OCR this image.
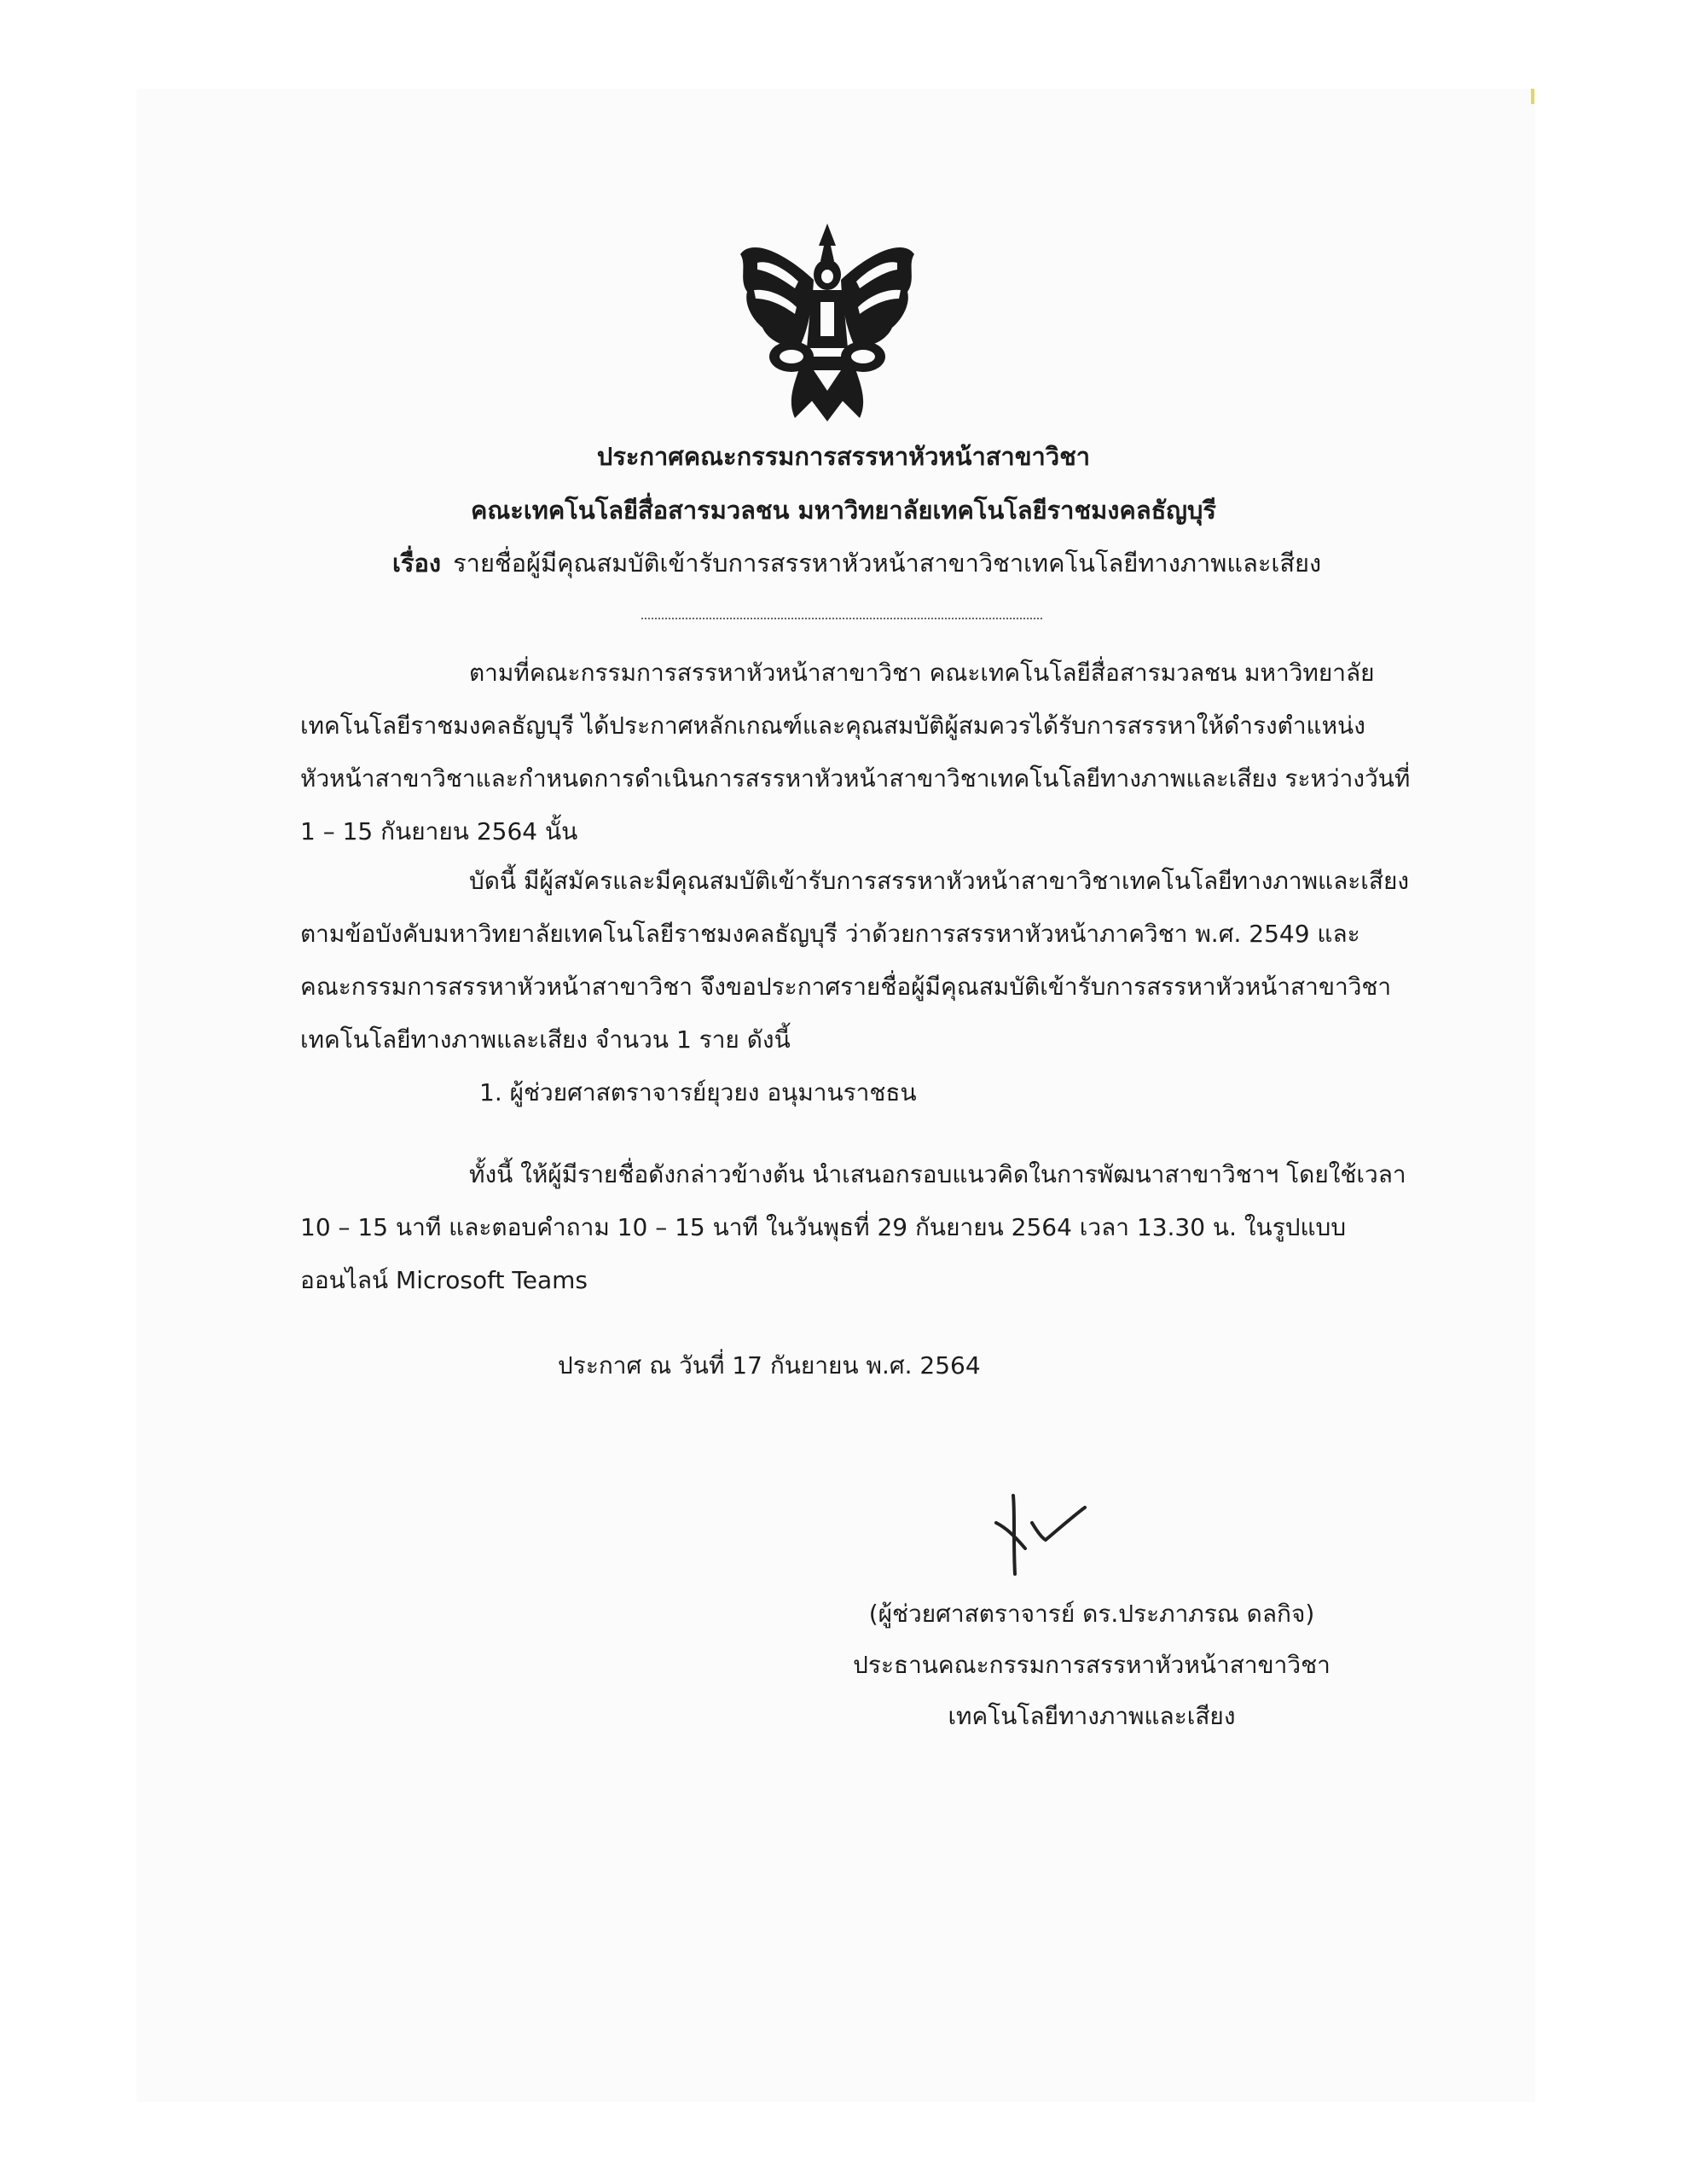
ประกาศคณะกรรมการสรรหาหัวหน้าสาขาวิชา
คณะเทคโนโลยีสื่อสารมวลชน มหาวิทยาลัยเทคโนโลยีราชมงคลธัญบุรี
เรื่อง รายชื่อผู้มีคุณสมบัติเข้ารับการสรรหาหัวหน้าสาขาวิชาเทคโนโลยีทางภาพและเสียง
ตามที่คณะกรรมการสรรหาหัวหน้าสาขาวิชา คณะเทคโนโลยีสื่อสารมวลชน มหาวิทยาลัย
เทคโนโลยีราชมงคลธัญบุรี ได้ประกาศหลักเกณฑ์และคุณสมบัติผู้สมควรได้รับการสรรหาให้ดำรงตำแหน่ง
หัวหน้าสาขาวิชาและกำหนดการดำเนินการสรรหาหัวหน้าสาขาวิชาเทคโนโลยีทางภาพและเสียง ระหว่างวันที่
1 – 15 กันยายน 2564 นั้น
บัดนี้ มีผู้สมัครและมีคุณสมบัติเข้ารับการสรรหาหัวหน้าสาขาวิชาเทคโนโลยีทางภาพและเสียง
ตามข้อบังคับมหาวิทยาลัยเทคโนโลยีราชมงคลธัญบุรี ว่าด้วยการสรรหาหัวหน้าภาควิชา พ.ศ. 2549 และ
คณะกรรมการสรรหาหัวหน้าสาขาวิชา จึงขอประกาศรายชื่อผู้มีคุณสมบัติเข้ารับการสรรหาหัวหน้าสาขาวิชา
เทคโนโลยีทางภาพและเสียง จำนวน 1 ราย ดังนี้
1. ผู้ช่วยศาสตราจารย์ยุวยง อนุมานราชธน
ทั้งนี้ ให้ผู้มีรายชื่อดังกล่าวข้างต้น นำเสนอกรอบแนวคิดในการพัฒนาสาขาวิชาฯ โดยใช้เวลา
10 – 15 นาที และตอบคำถาม 10 – 15 นาที ในวันพุธที่ 29 กันยายน 2564 เวลา 13.30 น. ในรูปแบบ
ออนไลน์ Microsoft Teams
ประกาศ ณ วันที่ 17 กันยายน พ.ศ. 2564
(ผู้ช่วยศาสตราจารย์ ดร.ประภาภรณ ดลกิจ)
ประธานคณะกรรมการสรรหาหัวหน้าสาขาวิชา
เทคโนโลยีทางภาพและเสียง
